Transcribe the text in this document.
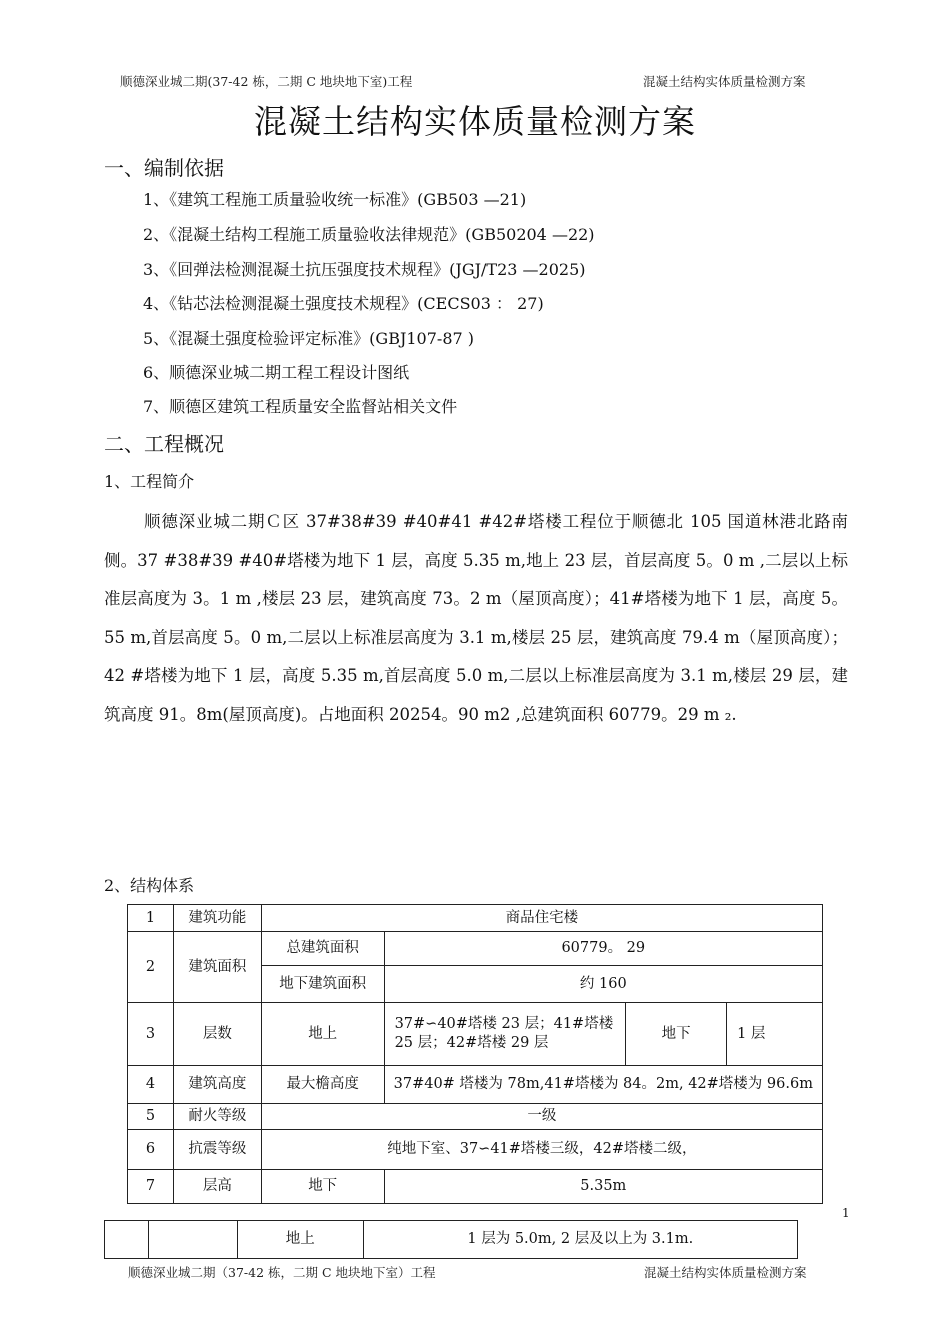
顺德深业城二期(37-42 栋，二期 C 地块地下室)工程	混凝土结构实体质量检测方案
混凝土结构实体质量检测方案
一、编制依据
1、《建筑工程施工质量验收统一标准》(GB503 —21)
2、《混凝土结构工程施工质量验收法律规范》(GB50204 —22)
3、《回弹法检测混凝土抗压强度技术规程》(JGJ/T23 —2025)
4、《钻芯法检测混凝土强度技术规程》(CECS03 ： 27)
5、《混凝土强度检验评定标准》(GBJ107-87 )
6、顺德深业城二期工程工程设计图纸
7、顺德区建筑工程质量安全监督站相关文件
二、工程概况
1、工程简介
顺德深业城二期Ｃ区 37#38#39 #40#41 #42#塔楼工程位于顺德北 105 国道林港北路南侧。37 #38#39 #40#塔楼为地下 1 层，高度 5.35 m,地上 23 层，首层高度 5。0 m ,二层以上标准层高度为 3。1 m ,楼层 23 层，建筑高度 73。2 m（屋顶高度）；41#塔楼为地下 1 层，高度 5。55 m,首层高度 5。0 m,二层以上标准层高度为 3.1 m,楼层 25 层，建筑高度 79.4 m（屋顶高度）；42 #塔楼为地下 1 层，高度 5.35 m,首层高度 5.0 m,二层以上标准层高度为 3.1 m,楼层 29 层，建筑高度 91。8m(屋顶高度)。占地面积 20254。90 m2 ,总建筑面积 60779。29 m ₂.
2、结构体系
1	建筑功能	商品住宅楼			
2	建筑面积	总建筑面积	60779。 29		
		地下建筑面积	约 160		
3	层数	地上	37#∽40#塔楼 23 层；41#塔楼 25 层；42#塔楼 29 层	地下	1 层
4	建筑高度	最大檐高度	37#40# 塔楼为 78m,41#塔楼为 84。2m, 42#塔楼为 96.6m		
5	耐火等级	一级			
6	抗震等级	纯地下室、37∽41#塔楼三级，42#塔楼二级，			
7	层高	地下	5.35m		
1
		地上	1 层为 5.0m, 2 层及以上为 3.1m.
顺德深业城二期（37-42 栋，二期 C 地块地下室）工程	混凝土结构实体质量检测方案
